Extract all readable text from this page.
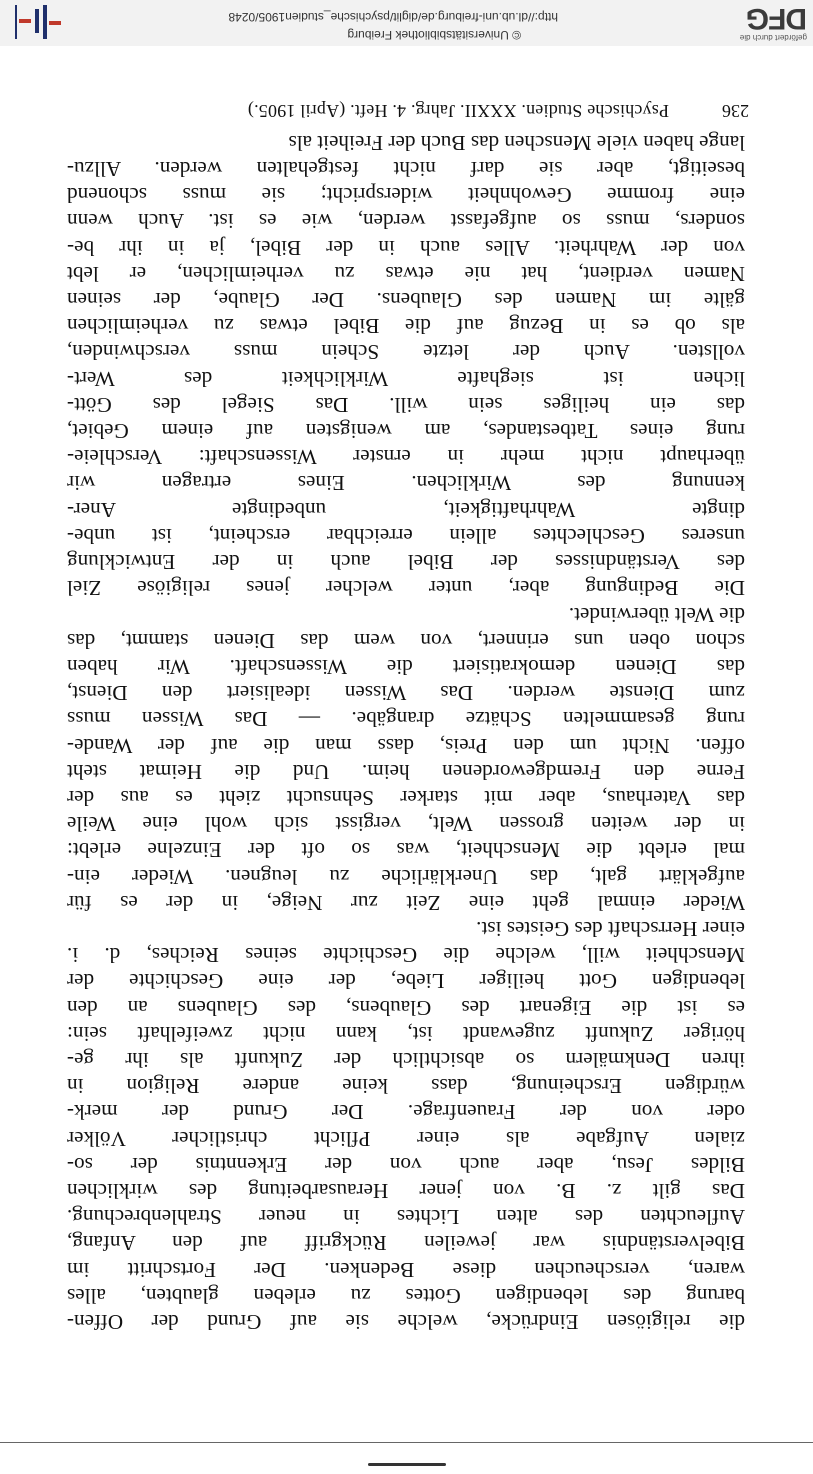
236
Psychische Studien. XXXII. Jahrg. 4. Heft. (April 1905.)
die religiösen Eindrücke, welche sie auf Grund der Offen-
barung des lebendigen Gottes zu erleben glaubten, alles
waren, verscheuchen diese Bedenken. Der Fortschritt im
Bibelverständnis war jeweilen Rückgriff auf den Anfang,
Aufleuchten des alten Lichtes in neuer Strahlenbrechung.
Das gilt z. B. von jener Herausarbeitung des wirklichen
Bildes Jesu, aber auch von der Erkenntnis der so-
zialen Aufgabe als einer Pflicht christlicher Völker
oder von der Frauenfrage. Der Grund der merk-
würdigen Erscheinung, dass keine andere Religion in
ihren Denkmälern so absichtlich der Zukunft als ihr ge-
höriger Zukunft zugewandt ist, kann nicht zweifelhaft sein:
es ist die Eigenart des Glaubens, des Glaubens an den
lebendigen Gott heiliger Liebe, der eine Geschichte der
Menschheit will, welche die Geschichte seines Reiches, d. i.
einer Herrschaft des Geistes ist.
Wieder einmal geht eine Zeit zur Neige, in der es für
aufgeklärt galt, das Unerklärliche zu leugnen. Wieder ein-
mal erlebt die Menschheit, was so oft der Einzelne erlebt:
in der weiten grossen Welt, vergisst sich wohl eine Weile
das Vaterhaus, aber mit starker Sehnsucht zieht es aus der
Ferne den Fremdgewordenen heim. Und die Heimat steht
offen. Nicht um den Preis, dass man die auf der Wande-
rung gesammelten Schätze drangäbe. — Das Wissen muss
zum Dienste werden. Das Wissen idealisiert den Dienst,
das Dienen demokratisiert die Wissenschaft. Wir haben
schon oben uns erinnert, von wem das Dienen stammt, das
die Welt überwindet.
Die Bedingung aber, unter welcher jenes religiöse Ziel
des Verständnisses der Bibel auch in der Entwicklung
unseres Geschlechtes allein erreichbar erscheint, ist unbe-
dingte Wahrhaftigkeit, unbedingte Aner-
kennung des Wirklichen. Eines ertragen wir
überhaupt nicht mehr in ernster Wissenschaft: Verschleie-
rung eines Tatbestandes, am wenigsten auf einem Gebiet,
das ein heiliges sein will. Das Siegel des Gött-
lichen ist sieghafte Wirklichkeit des Wert-
vollsten. Auch der letzte Schein muss verschwinden,
als ob es in Bezug auf die Bibel etwas zu verheimlichen
gälte im Namen des Glaubens. Der Glaube, der seinen
Namen verdient, hat nie etwas zu verheimlichen, er lebt
von der Wahrheit. Alles auch in der Bibel, ja in ihr be-
sonders, muss so aufgefasst werden, wie es ist. Auch wenn
eine fromme Gewohnheit widerspricht; sie muss schonend
beseitigt, aber sie darf nicht festgehalten werden. Allzu-
lange haben viele Menschen das Buch der Freiheit als
gefördert durch die
DFG
© Universitätsbibliothek Freiburg
http://dl.ub.uni-freiburg.de/diglit/psychische_studien1905/0248
